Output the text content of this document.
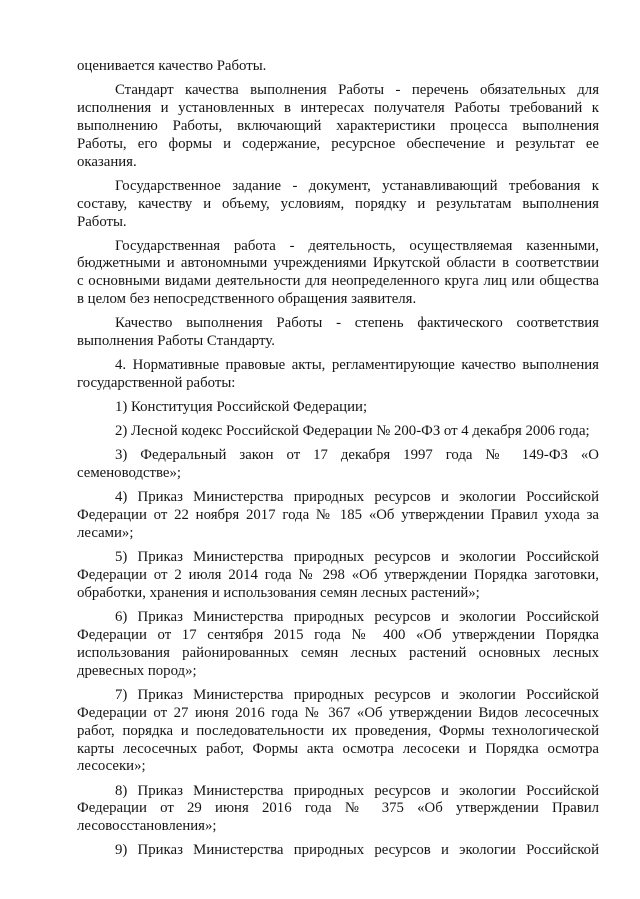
оценивается качество Работы.
Стандарт качества выполнения Работы - перечень обязательных для
исполнения и установленных в интересах получателя Работы требований к
выполнению Работы, включающий характеристики процесса выполнения
Работы, его формы и содержание, ресурсное обеспечение и результат ее
оказания.
Государственное задание - документ, устанавливающий требования к
составу, качеству и объему, условиям, порядку и результатам выполнения
Работы.
Государственная работа - деятельность, осуществляемая казенными,
бюджетными и автономными учреждениями Иркутской области в соответствии
с основными видами деятельности для неопределенного круга лиц или общества
в целом без непосредственного обращения заявителя.
Качество выполнения Работы - степень фактического соответствия
выполнения Работы Стандарту.
4. Нормативные правовые акты, регламентирующие качество выполнения
государственной работы:
1) Конституция Российской Федерации;
2) Лесной кодекс Российской Федерации № 200-ФЗ от 4 декабря 2006 года;
3) Федеральный закон от 17 декабря 1997 года № 149-ФЗ «О
семеноводстве»;
4) Приказ Министерства природных ресурсов и экологии Российской
Федерации от 22 ноября 2017 года № 185 «Об утверждении Правил ухода за
лесами»;
5) Приказ Министерства природных ресурсов и экологии Российской
Федерации от 2 июля 2014 года № 298 «Об утверждении Порядка заготовки,
обработки, хранения и использования семян лесных растений»;
6) Приказ Министерства природных ресурсов и экологии Российской
Федерации от 17 сентября 2015 года № 400 «Об утверждении Порядка
использования районированных семян лесных растений основных лесных
древесных пород»;
7) Приказ Министерства природных ресурсов и экологии Российской
Федерации от 27 июня 2016 года № 367 «Об утверждении Видов лесосечных
работ, порядка и последовательности их проведения, Формы технологической
карты лесосечных работ, Формы акта осмотра лесосеки и Порядка осмотра
лесосеки»;
8) Приказ Министерства природных ресурсов и экологии Российской
Федерации от 29 июня 2016 года № 375 «Об утверждении Правил
лесовосстановления»;
9) Приказ Министерства природных ресурсов и экологии Российской
